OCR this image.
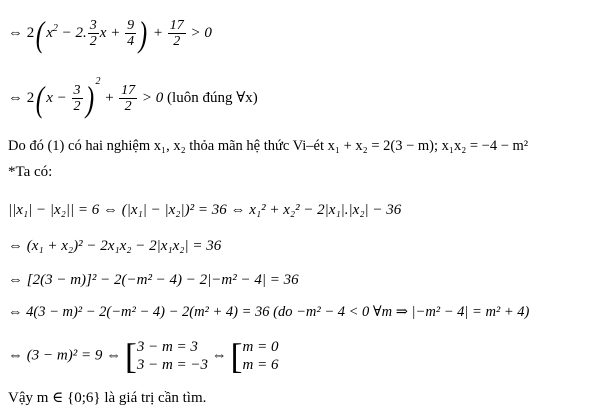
⇔ 2( $x^2 - 2$. $\frac{3}{2}$ $x + \frac{9}{4}$ ) + $\frac{17}{2} > 0$
⇔ 2( $x - \frac{3}{2}$ ) $^2 + \frac{17}{2} > 0$ (luôn đúng ∀x)
Do đó (1) có hai nghiệm x₁, x₂ thỏa mãn hệ thức Vi–ét x₁ + x₂ = 2(3 − m); x₁x₂ = −4 − m²
*Ta có:
||x₁| − |x₂|| = 6 ⇔ (|x₁| − |x₂|)² = 36 ⇔ x₁² + x₂² − 2|x₁|.|x₂| − 36
⇔ (x₁ + x₂)² − 2x₁x₂ − 2|x₁x₂| = 36
⇔ [2(3 − m)]² − 2(−m² − 4) − 2|−m² − 4| = 36
⇔ 4(3 − m)² − 2(−m² − 4) − 2(m² + 4) = 36 (do −m² − 4 < 0 ∀m ⇒ |−m² − 4| = m² + 4)
⇔ (3 − m)² = 9 ⇔ [ 3 − m = 3
3 − m = −3
⇔ [ m = 0
m = 6
Vậy m ∈ {0;6} là giá trị cần tìm.
